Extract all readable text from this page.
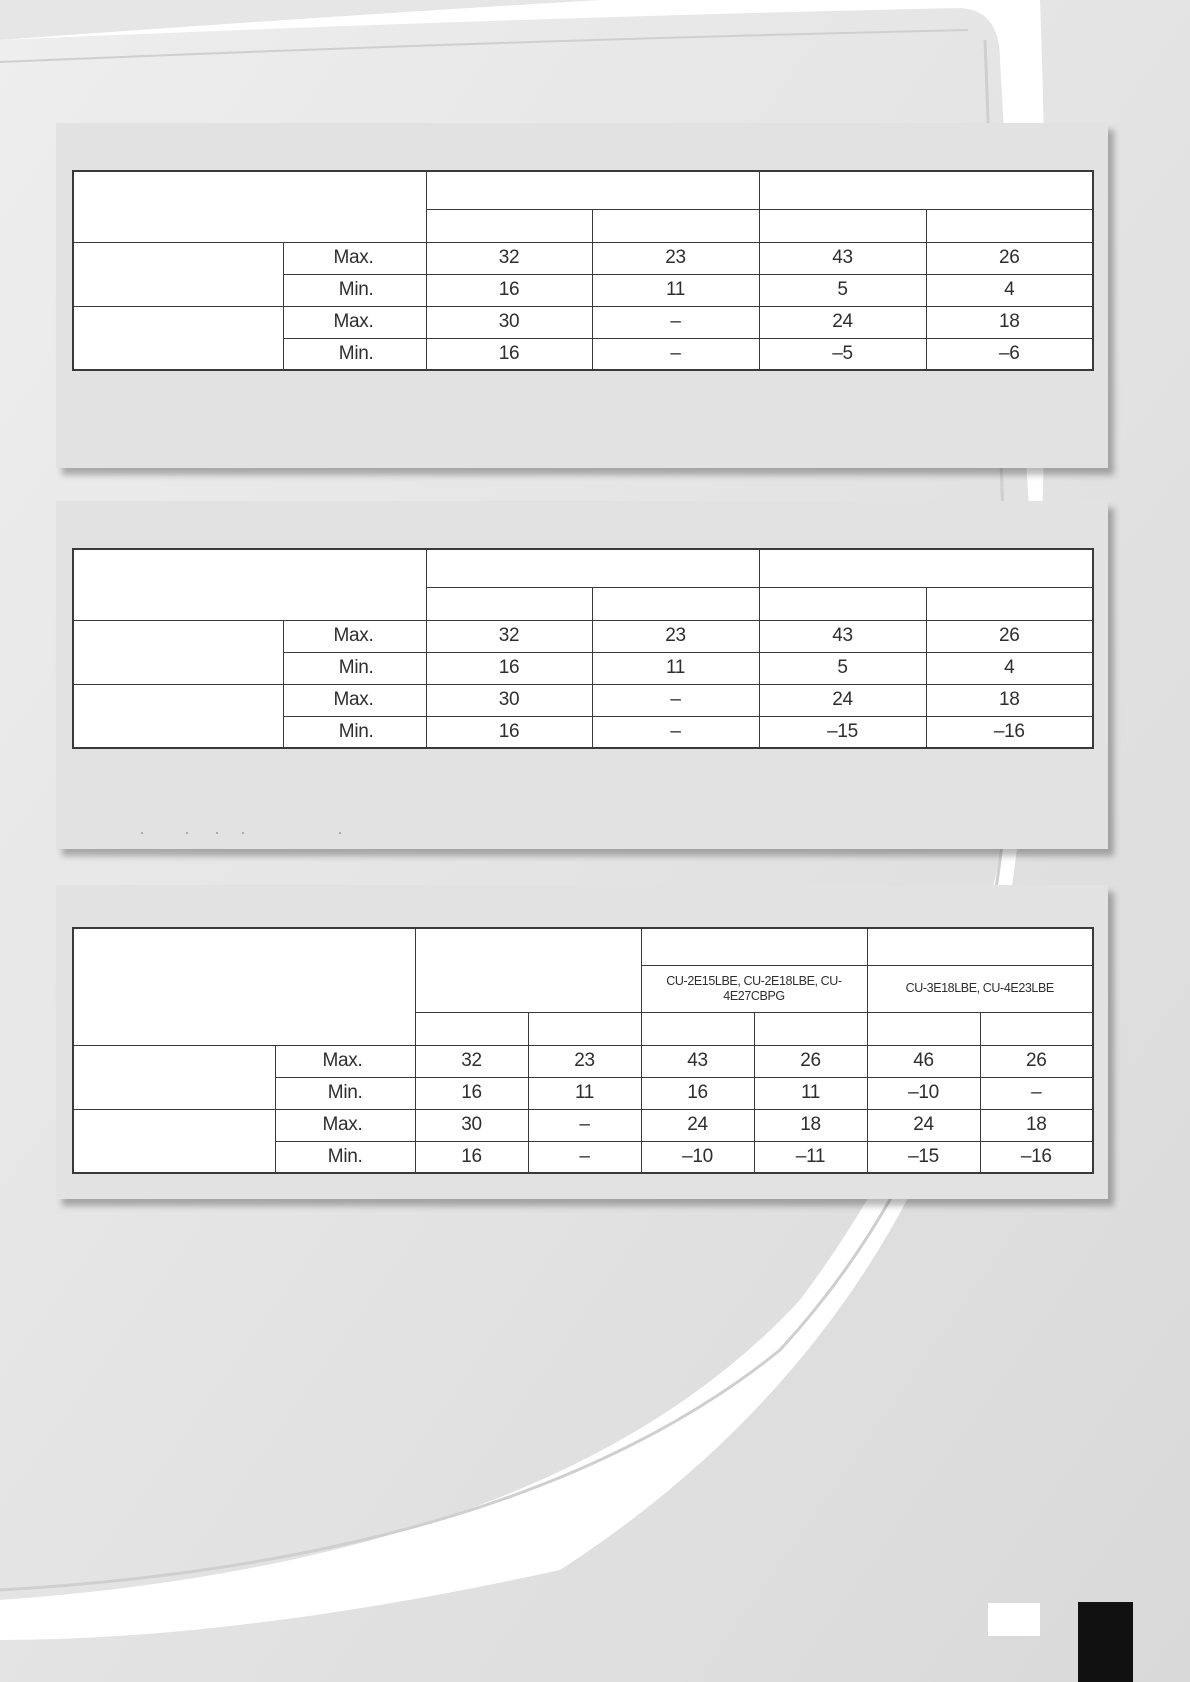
	Max.	32	23	43	26
	Min.	16	11	5	4
	Max.	30	–	24	18
	Min.	16	–	–5	–6

	Max.	32	23	43	26
	Min.	16	11	5	4
	Max.	30	–	24	18
	Min.	16	–	–15	–16

				CU-2E15LBE, CU-2E18LBE, CU-4E27CBPG		CU-3E18LBE, CU-4E23LBE	

	Max.	32	23	43	26	46	26
	Min.	16	11	16	11	–10	–
	Max.	30	–	24	18	24	18
	Min.	16	–	–10	–11	–15	–16
